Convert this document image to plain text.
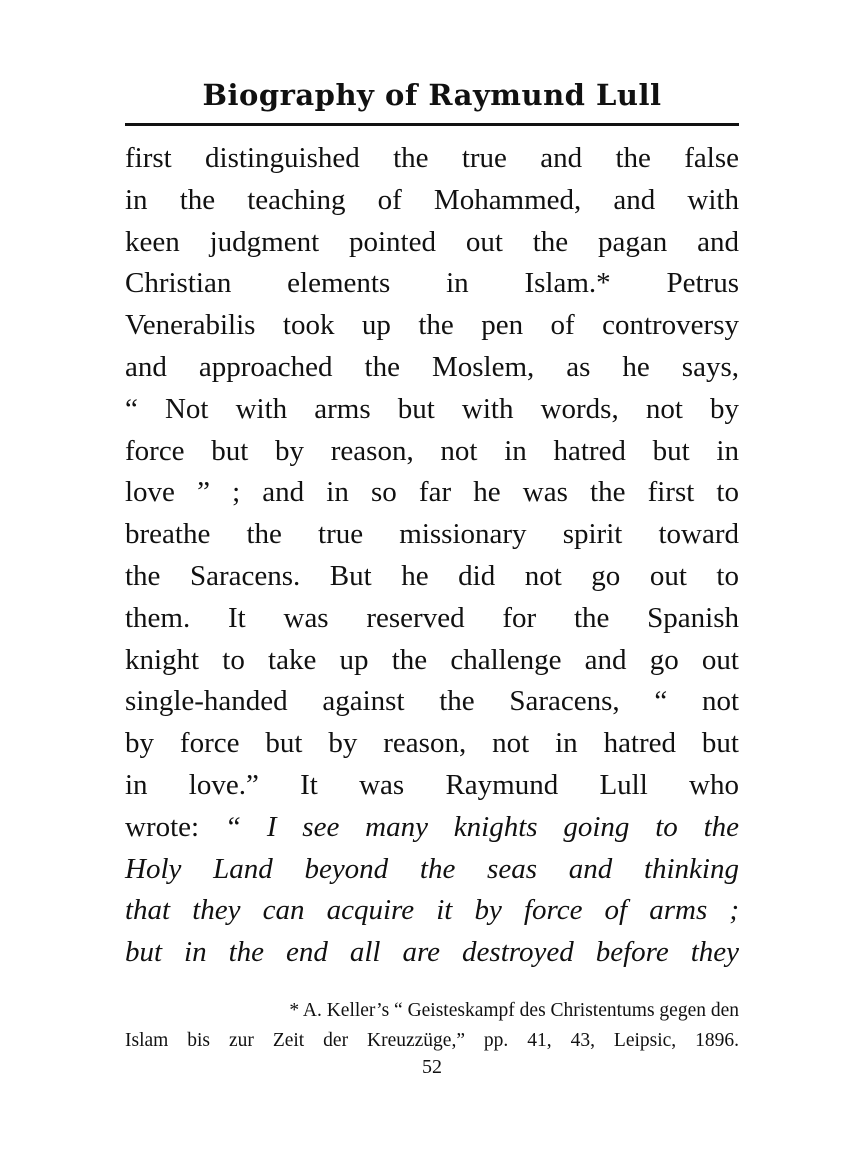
Biography of Raymund Lull
first distinguished the true and the false
in the teaching of Mohammed, and with
keen judgment pointed out the pagan and
Christian elements in Islam.* Petrus
Venerabilis took up the pen of controversy
and approached the Moslem, as he says,
“ Not with arms but with words, not by
force but by reason, not in hatred but in
love ” ; and in so far he was the first to
breathe the true missionary spirit toward
the Saracens. But he did not go out to
them. It was reserved for the Spanish
knight to take up the challenge and go out
single-handed against the Saracens, “ not
by force but by reason, not in hatred but
in love.” It was Raymund Lull who
wrote: “ I see many knights going to the
Holy Land beyond the seas and thinking
that they can acquire it by force of arms ;
but in the end all are destroyed before they
* A. Keller’s “ Geisteskampf des Christentums gegen den
Islam bis zur Zeit der Kreuzzüge,” pp. 41, 43, Leipsic, 1896.
52
